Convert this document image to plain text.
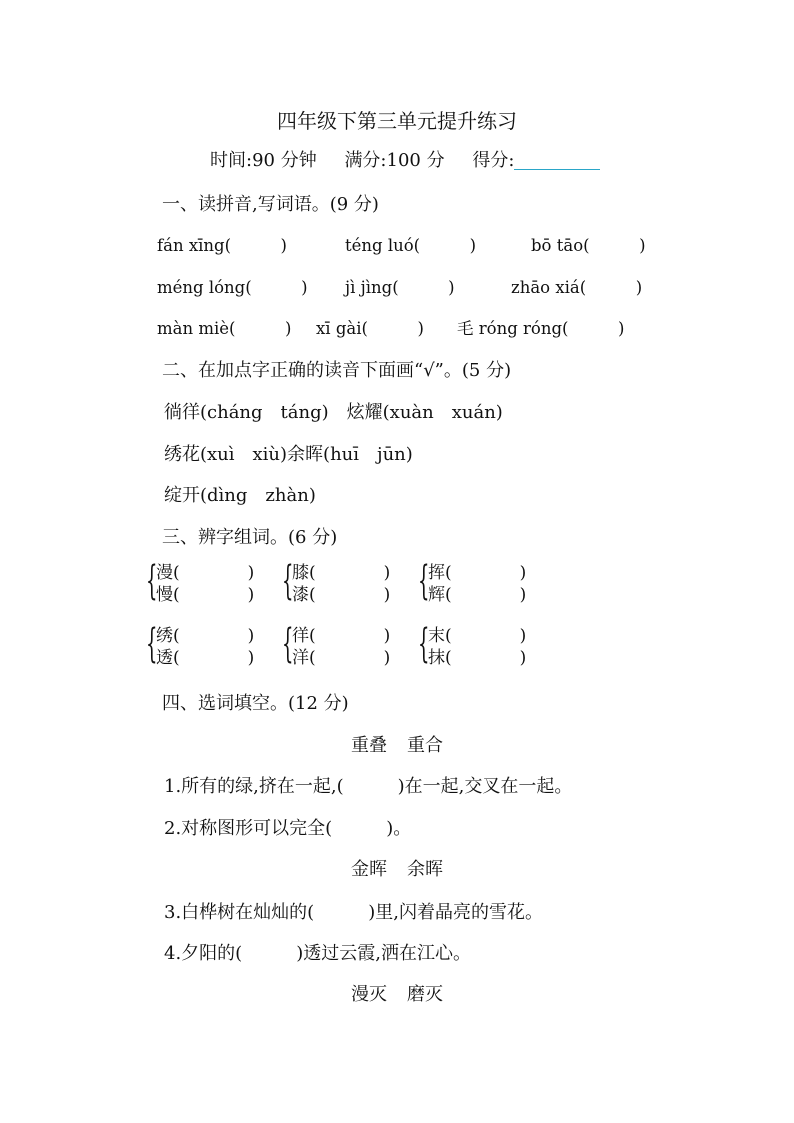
四年级下第三单元提升练习
时间:90 分钟 满分:100 分 得分:
一、读拼音,写词语。(9 分)
fán xīng(　　　)	téng luó(　　　)	bō tāo(　　　)
méng lóng(　　　) jì jìng(　　　)	zhāo xiá(　　　)
màn miè(　　　) xī gài(　　　) 毛 róng róng(　　　)
二、在加点字正确的读音下面画“√”。(5 分)
徜徉(cháng　táng)　炫耀(xuàn　xuán)
绣花(xuì　xiù)余晖(huī　jūn)
绽开(dìng　zhàn)
三、辨字组词。(6 分)
{
漫(　　　　)
慢(　　　　) {
膝(　　　　)
漆(　　　　) {
挥(　　　　)
辉(　　　　)
{
绣(　　　　)
透(　　　　) {
徉(　　　　)
洋(　　　　) {
末(　　　　)
抹(　　　　)
四、选词填空。(12 分)
重叠 重合
1.所有的绿,挤在一起,(　　　)在一起,交叉在一起。
2.对称图形可以完全(　　　)。
金晖 余晖
3.白桦树在灿灿的(　　　)里,闪着晶亮的雪花。
4.夕阳的(　　　)透过云霞,洒在江心。
漫灭 磨灭
